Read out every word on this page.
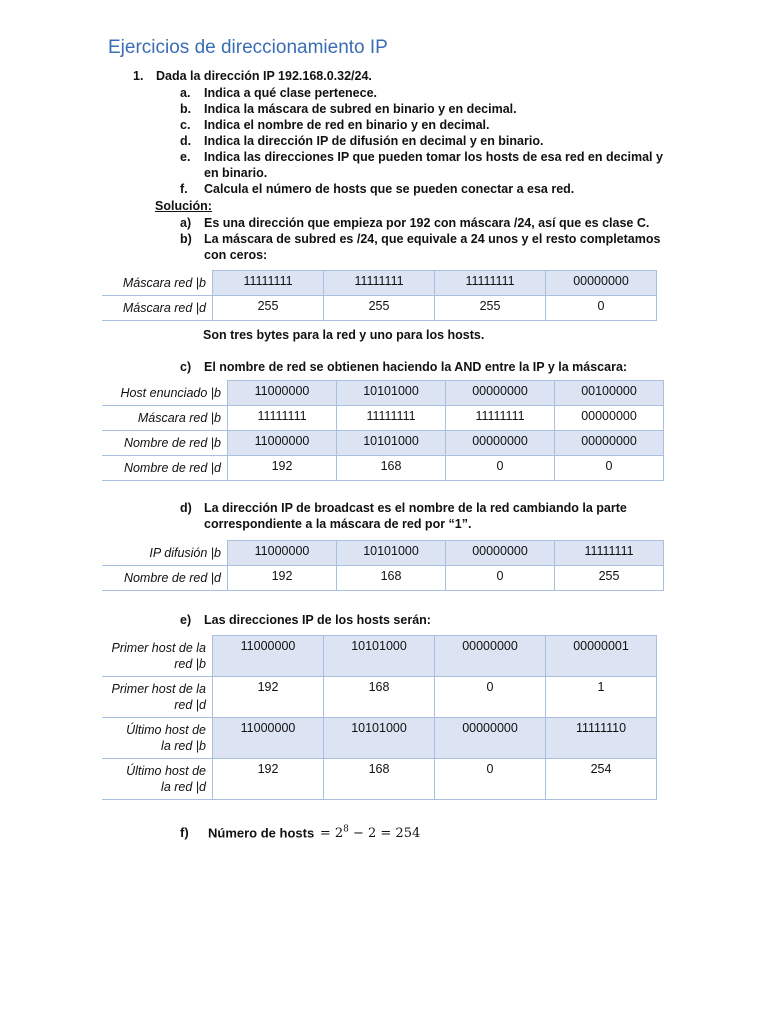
Ejercicios de direccionamiento IP
1. Dada la dirección IP 192.168.0.32/24.
a. Indica a qué clase pertenece.
b. Indica la máscara de subred en binario y en decimal.
c. Indica el nombre de red en binario y en decimal.
d. Indica la dirección IP de difusión en decimal y en binario.
e. Indica las direcciones IP que pueden tomar los hosts de esa red en decimal y
en binario.
f. Calcula el número de hosts que se pueden conectar a esa red.
Solución:
a) Es una dirección que empieza por 192 con máscara /24, así que es clase C.
b) La máscara de subred es /24, que equivale a 24 unos y el resto completamos
con ceros:
Máscara red |b	11111111	11111111	11111111	00000000
Máscara red |d	255	255	255	0
Son tres bytes para la red y uno para los hosts.
c) El nombre de red se obtienen haciendo la AND entre la IP y la máscara:
Host enunciado |b	11000000	10101000	00000000	00100000
Máscara red |b	11111111	11111111	11111111	00000000
Nombre de red |b	11000000	10101000	00000000	00000000
Nombre de red |d	192	168	0	0
d) La dirección IP de broadcast es el nombre de la red cambiando la parte
correspondiente a la máscara de red por “1”.
IP difusión |b	11000000	10101000	00000000	11111111
Nombre de red |d	192	168	0	255
e) Las direcciones IP de los hosts serán:
Primer host de la
red |b	11000000	10101000	00000000	00000001

Primer host de la
red |d	192	168	0	1

Último host de
la red |b	11000000	10101000	00000000	11111110

Último host de
la red |d	192	168	0	254
f) Número de hosts = $2^8 - 2 = 254$
